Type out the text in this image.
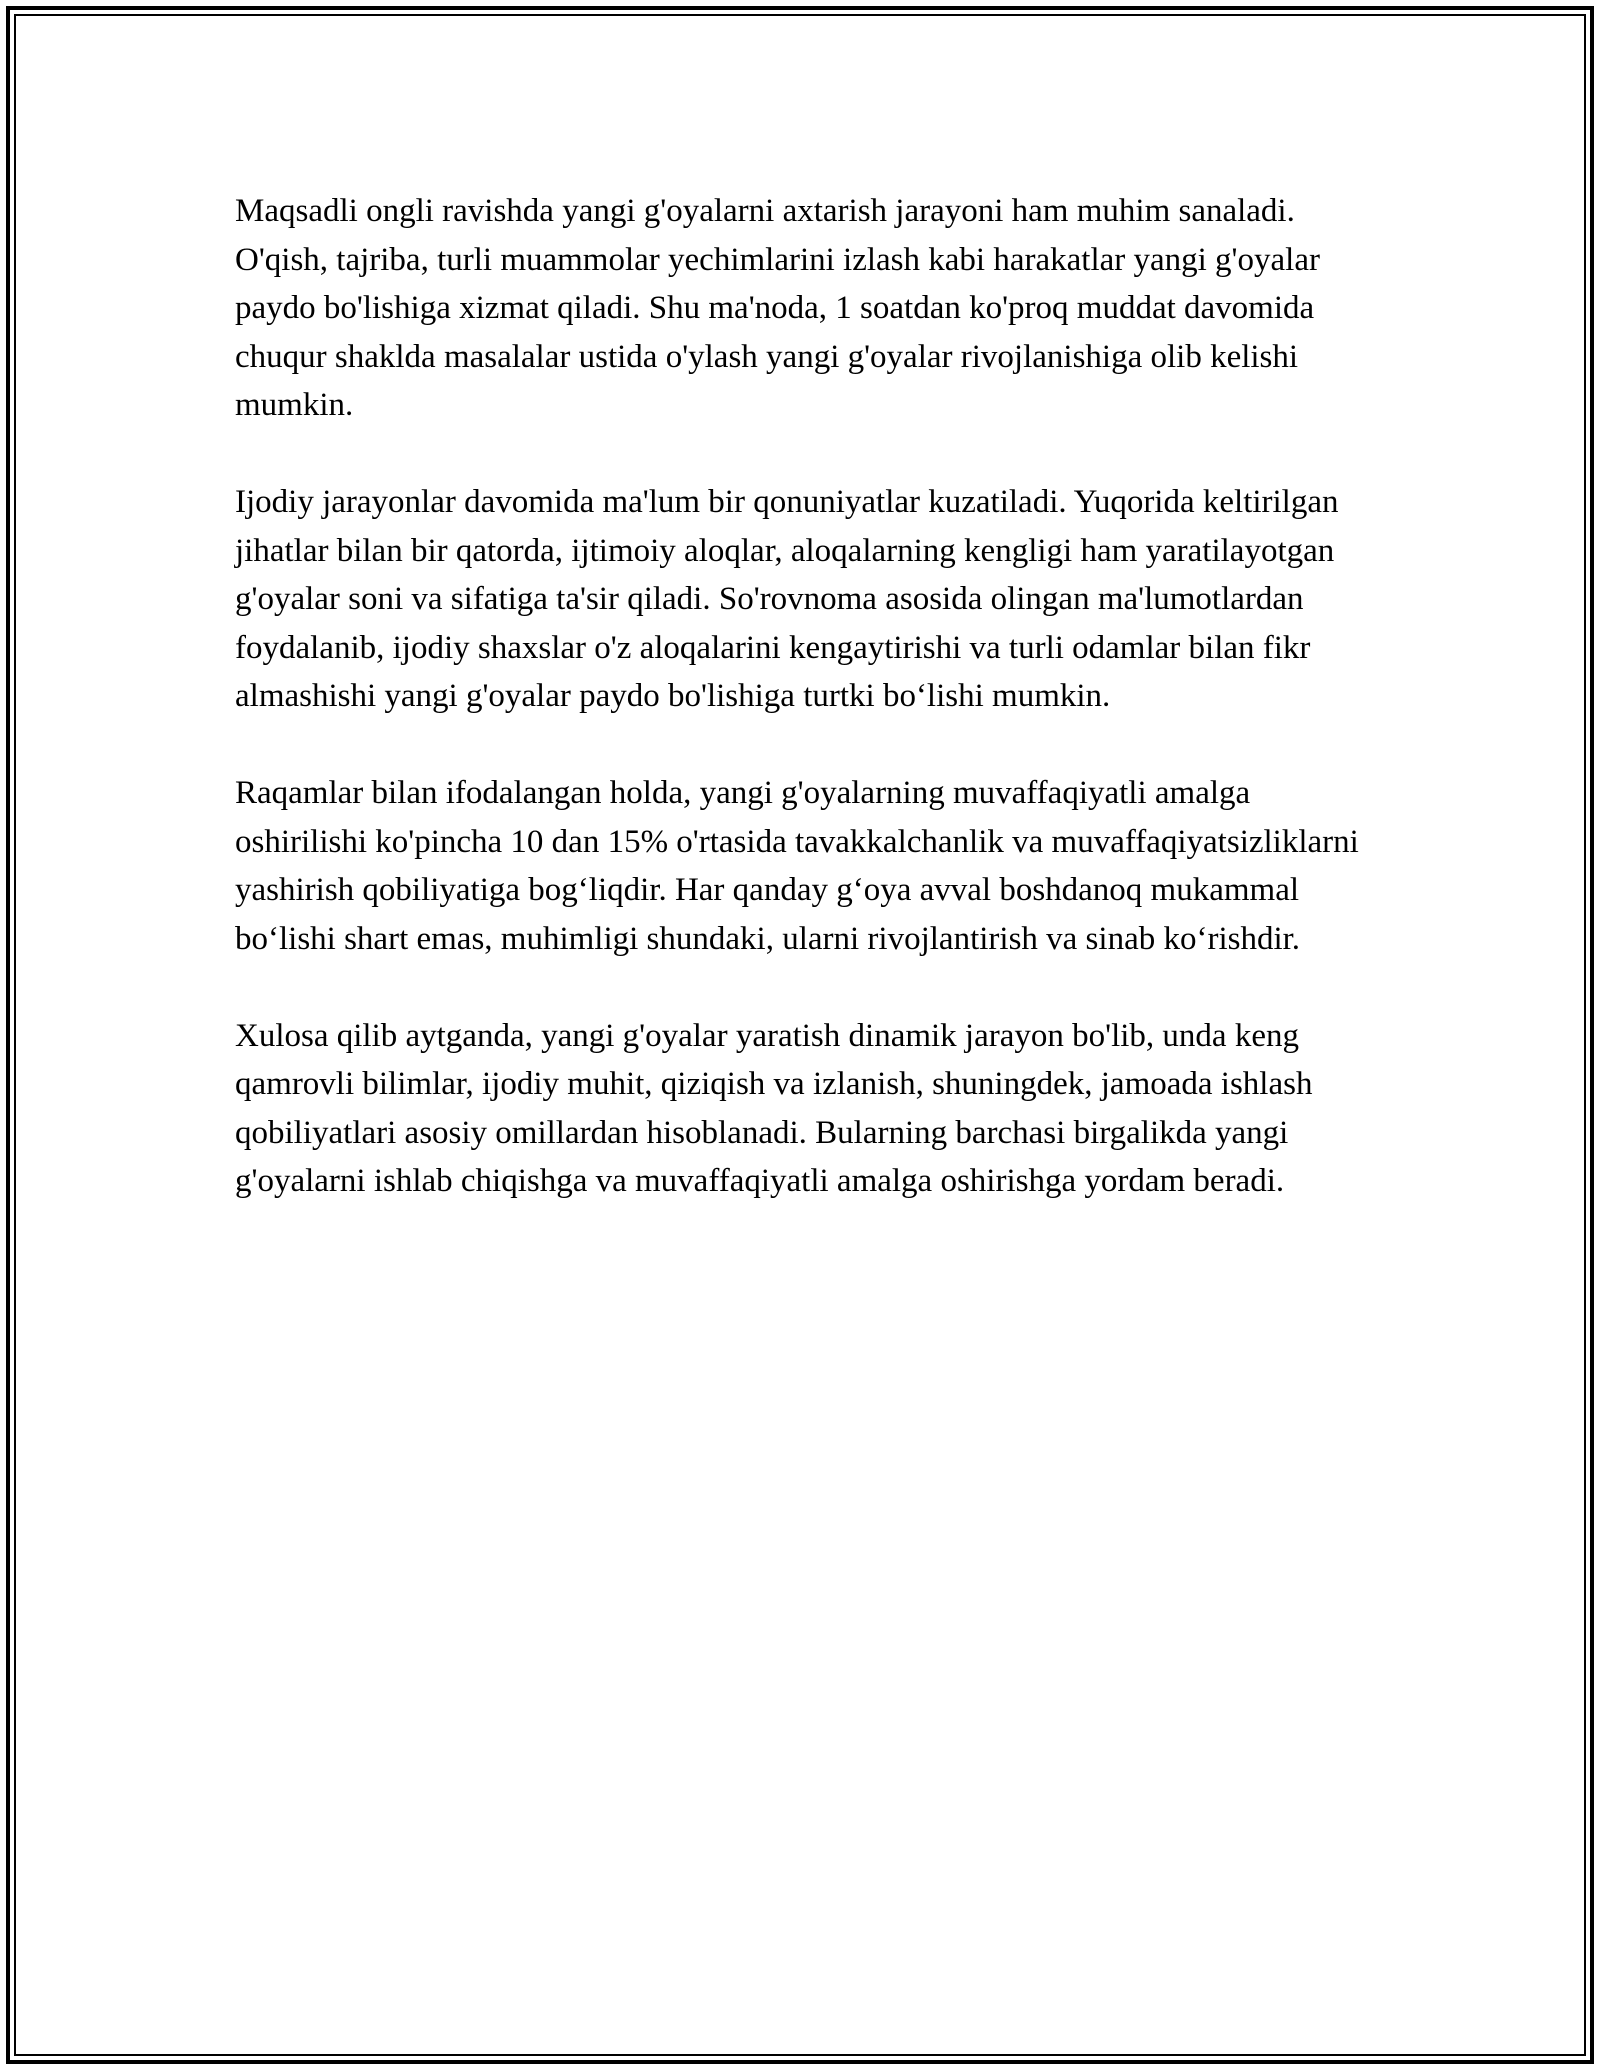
Maqsadli ongli ravishda yangi g'oyalarni axtarish jarayoni ham muhim sanaladi. O'qish, tajriba, turli muammolar yechimlarini izlash kabi harakatlar yangi g'oyalar paydo bo'lishiga xizmat qiladi. Shu ma'noda, 1 soatdan ko'proq muddat davomida chuqur shaklda masalalar ustida o'ylash yangi g'oyalar rivojlanishiga olib kelishi mumkin.

Ijodiy jarayonlar davomida ma'lum bir qonuniyatlar kuzatiladi. Yuqorida keltirilgan jihatlar bilan bir qatorda, ijtimoiy aloqlar, aloqalarning kengligi ham yaratilayotgan g'oyalar soni va sifatiga ta'sir qiladi. So'rovnoma asosida olingan ma'lumotlardan foydalanib, ijodiy shaxslar o'z aloqalarini kengaytirishi va turli odamlar bilan fikr almashishi yangi g'oyalar paydo bo'lishiga turtki bo‘lishi mumkin.

Raqamlar bilan ifodalangan holda, yangi g'oyalarning muvaffaqiyatli amalga oshirilishi ko'pincha 10 dan 15% o'rtasida tavakkalchanlik va muvaffaqiyatsizliklarni yashirish qobiliyatiga bog‘liqdir. Har qanday g‘oya avval boshdanoq mukammal bo‘lishi shart emas, muhimligi shundaki, ularni rivojlantirish va sinab ko‘rishdir.

Xulosa qilib aytganda, yangi g'oyalar yaratish dinamik jarayon bo'lib, unda keng qamrovli bilimlar, ijodiy muhit, qiziqish va izlanish, shuningdek, jamoada ishlash qobiliyatlari asosiy omillardan hisoblanadi. Bularning barchasi birgalikda yangi g'oyalarni ishlab chiqishga va muvaffaqiyatli amalga oshirishga yordam beradi.
